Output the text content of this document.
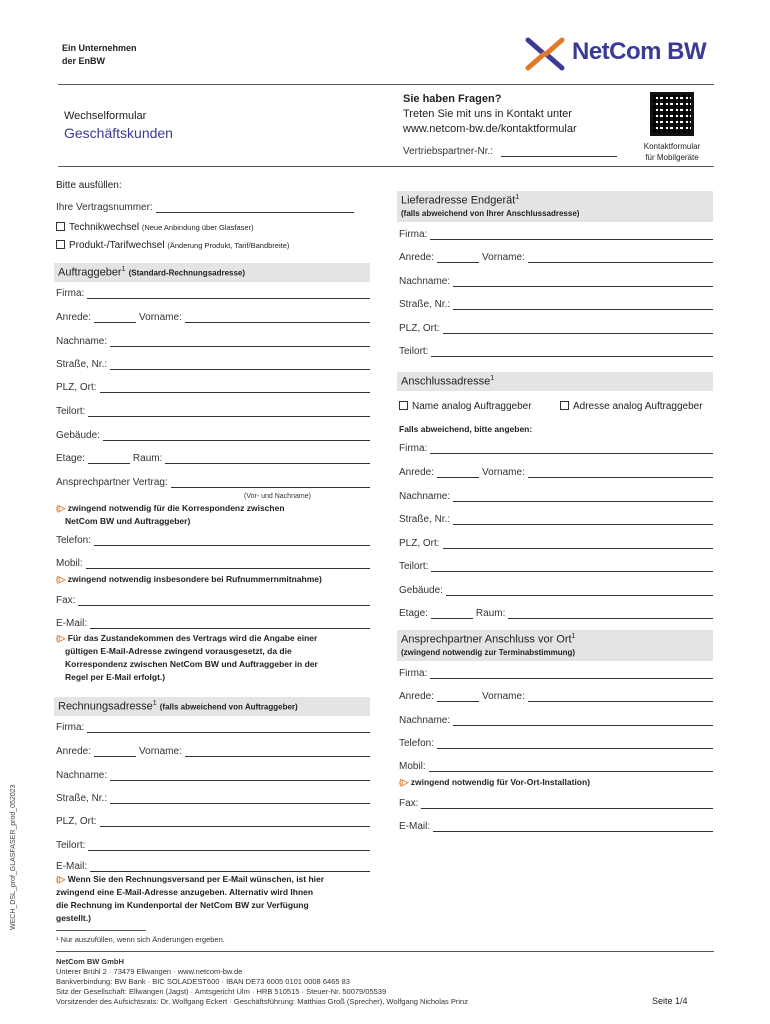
Ein Unternehmen
der EnBW	NetCom BW
Wechselformular
Geschäftskunden
Sie haben Fragen?
Treten Sie mit uns in Kontakt unter
www.netcom-bw.de/kontaktformular
Vertriebspartner-Nr.:	Kontaktformular
für Mobilgeräte
Bitte ausfüllen:
Ihre Vertragsnummer:
Technikwechsel (Neue Anbindung über Glasfaser)
Produkt-/Tarifwechsel (Änderung Produkt, Tarif/Bandbreite)
Auftraggeber$^1$ (Standard-Rechnungsadresse)
Firma:
Anrede:	Vorname:
Nachname:
Straße, Nr.:
PLZ, Ort:
Teilort:
Gebäude:
Etage:	Raum:
Ansprechpartner Vertrag:
(Vor- und Nachname)
(▷ zwingend notwendig für die Korrespondenz zwischen
NetCom BW und Auftraggeber)
Telefon:
Mobil:
(▷ zwingend notwendig insbesondere bei Rufnummernmitnahme)
Fax:
E-Mail:
(▷ Für das Zustandekommen des Vertrags wird die Angabe einer
gültigen E-Mail-Adresse zwingend vorausgesetzt, da die
Korrespondenz zwischen NetCom BW und Auftraggeber in der
Regel per E-Mail erfolgt.)
Rechnungsadresse$^1$ (falls abweichend von Auftraggeber)
Firma:
Anrede:	Vorname:
Nachname:
Straße, Nr.:
PLZ, Ort:
Teilort:
E-Mail:
(▷ Wenn Sie den Rechnungsversand per E-Mail wünschen, ist hier
zwingend eine E-Mail-Adresse anzugeben. Alternativ wird Ihnen
die Rechnung im Kundenportal der NetCom BW zur Verfügung
gestellt.)
Lieferadresse Endgerät$^1$
(falls abweichend von Ihrer Anschlussadresse)
Firma:
Anrede:	Vorname:
Nachname:
Straße, Nr.:
PLZ, Ort:
Teilort:
Anschlussadresse$^1$
Name analog Auftraggeber	Adresse analog Auftraggeber
Falls abweichend, bitte angeben:
Firma:
Anrede:	Vorname:
Nachname:
Straße, Nr.:
PLZ, Ort:
Teilort:
Gebäude:
Etage:	Raum:
Ansprechpartner Anschluss vor Ort$^1$
(zwingend notwendig zur Terminabstimmung)
Firma:
Anrede:	Vorname:
Nachname:
Telefon:
Mobil:
(▷ zwingend notwendig für Vor-Ort-Installation)
Fax:
E-Mail:
¹ Nur auszufüllen, wenn sich Änderungen ergeben.
NetCom BW GmbH
Unterer Brühl 2 · 73479 Ellwangen · www.netcom-bw.de
Bankverbindung: BW Bank · BIC SOLADEST600 · IBAN DE73 6005 0101 0008 6465 83
Sitz der Gesellschaft: Ellwangen (Jagst) · Amtsgericht Ulm · HRB 510515 · Steuer-Nr. 50079/05539
Vorsitzender des Aufsichtsrats: Dr. Wolfgang Eckert · Geschäftsführung: Matthias Groß (Sprecher), Wolfgang Nicholas Prinz	Seite 1/4
WECH_DSL_prof_GLASFASER_prod_052023
